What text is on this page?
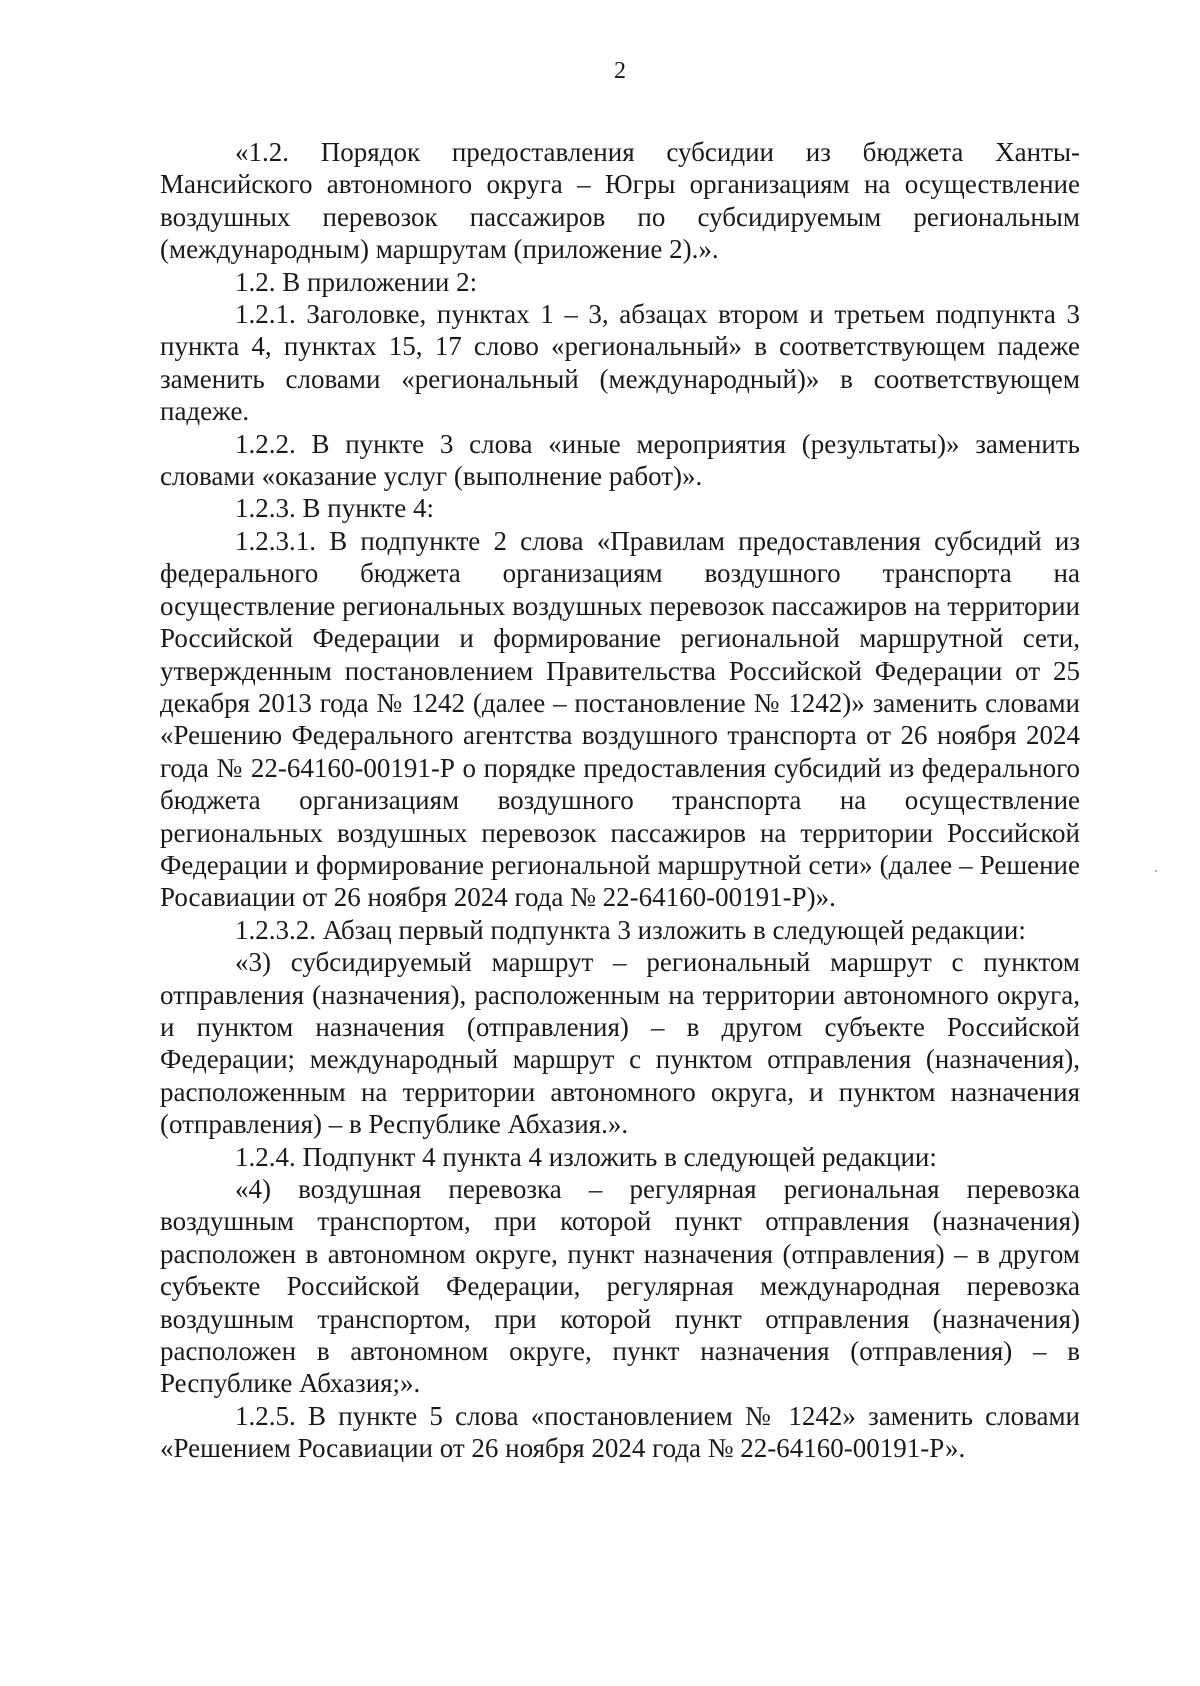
2

«1.2. Порядок предоставления субсидии из бюджета Ханты-Мансийского автономного округа – Югры организациям на осуществление воздушных перевозок пассажиров по субсидируемым региональным (международным) маршрутам (приложение 2).».

1.2. В приложении 2:

1.2.1. Заголовке, пунктах 1 – 3, абзацах втором и третьем подпункта 3 пункта 4, пунктах 15, 17 слово «региональный» в соответствующем падеже заменить словами «региональный (международный)» в соответствующем падеже.

1.2.2. В пункте 3 слова «иные мероприятия (результаты)» заменить словами «оказание услуг (выполнение работ)».

1.2.3. В пункте 4:

1.2.3.1. В подпункте 2 слова «Правилам предоставления субсидий из федерального бюджета организациям воздушного транспорта на осуществление региональных воздушных перевозок пассажиров на территории Российской Федерации и формирование региональной маршрутной сети, утвержденным постановлением Правительства Российской Федерации от 25 декабря 2013 года № 1242 (далее – постановление № 1242)» заменить словами «Решению Федерального агентства воздушного транспорта от 26 ноября 2024 года № 22-64160-00191-Р о порядке предоставления субсидий из федерального бюджета организациям воздушного транспорта на осуществление региональных воздушных перевозок пассажиров на территории Российской Федерации и формирование региональной маршрутной сети» (далее – Решение Росавиации от 26 ноября 2024 года № 22-64160-00191-Р)».

1.2.3.2. Абзац первый подпункта 3 изложить в следующей редакции:

«3) субсидируемый маршрут – региональный маршрут с пунктом отправления (назначения), расположенным на территории автономного округа, и пунктом назначения (отправления) – в другом субъекте Российской Федерации; международный маршрут с пунктом отправления (назначения), расположенным на территории автономного округа, и пунктом назначения (отправления) – в Республике Абхазия.».

1.2.4. Подпункт 4 пункта 4 изложить в следующей редакции:

«4) воздушная перевозка – регулярная региональная перевозка воздушным транспортом, при которой пункт отправления (назначения) расположен в автономном округе, пункт назначения (отправления) – в другом субъекте Российской Федерации, регулярная международная перевозка воздушным транспортом, при которой пункт отправления (назначения) расположен в автономном округе, пункт назначения (отправления) – в Республике Абхазия;».

1.2.5. В пункте 5 слова «постановлением № 1242» заменить словами «Решением Росавиации от 26 ноября 2024 года № 22-64160-00191-Р».
